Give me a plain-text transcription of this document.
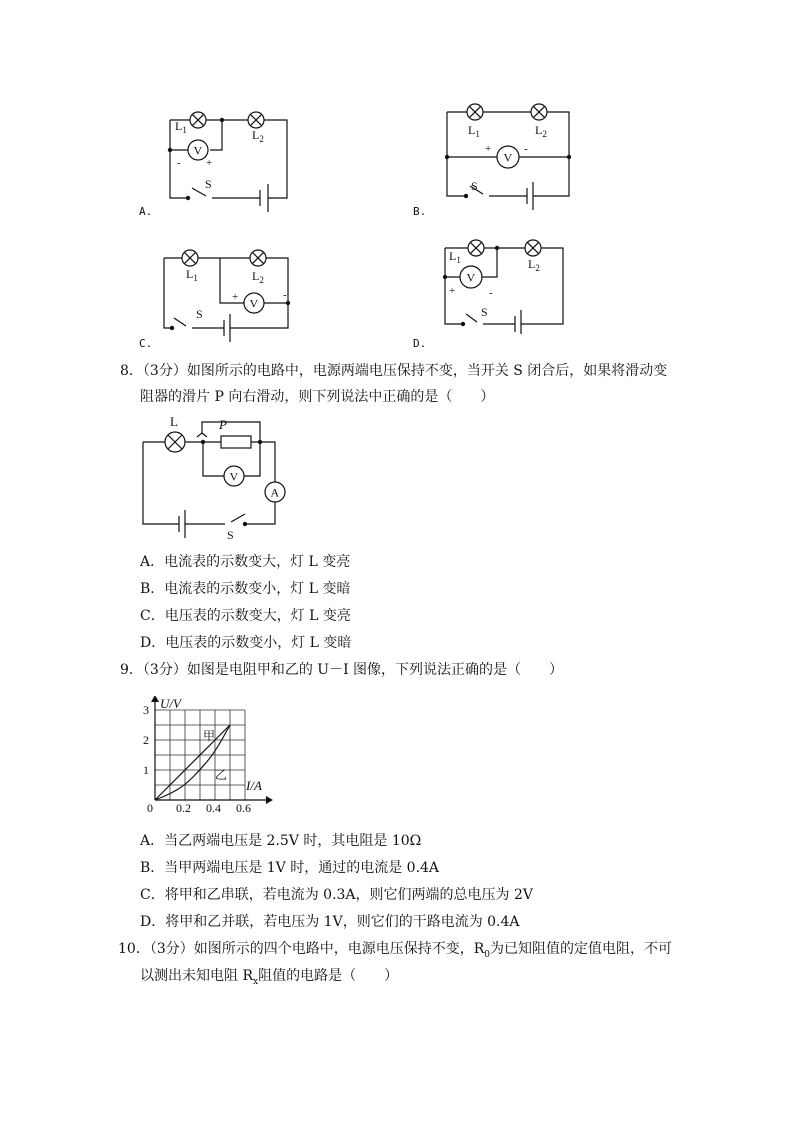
V
$L_1$	$L_2$
- +
S
A.
V
$L_1$	$L_2$
+	-
S
B.
V
$L_1$	$L_2$
+	-
S
C.
V
$L_1$	$L_2$
+	-
S
D.
8．（3分）如图所示的电路中，电源两端电压保持不变，当开关 S 闭合后，如果将滑动变
阻器的滑片 P 向右滑动，则下列说法中正确的是（　　）
L	P
V
A
S
A．电流表的示数变大，灯 L 变亮
B．电流表的示数变小，灯 L 变暗
C．电压表的示数变大，灯 L 变亮
D．电压表的示数变小，灯 L 变暗
9．（3分）如图是电阻甲和乙的 U－I 图像，下列说法正确的是（　　）
甲
乙
0.2 0.4 0.6
1
2
3
0
U/V
I/A
A．当乙两端电压是 2.5V 时，其电阻是 10Ω
B．当甲两端电压是 1V 时，通过的电流是 0.4A
C．将甲和乙串联，若电流为 0.3A，则它们两端的总电压为 2V
D．将甲和乙并联，若电压为 1V，则它们的干路电流为 0.4A
10．（3分）如图所示的四个电路中，电源电压保持不变，$R_0$为已知阻值的定值电阻，不可
以测出未知电阻 $R_x$阻值的电路是（　　）
